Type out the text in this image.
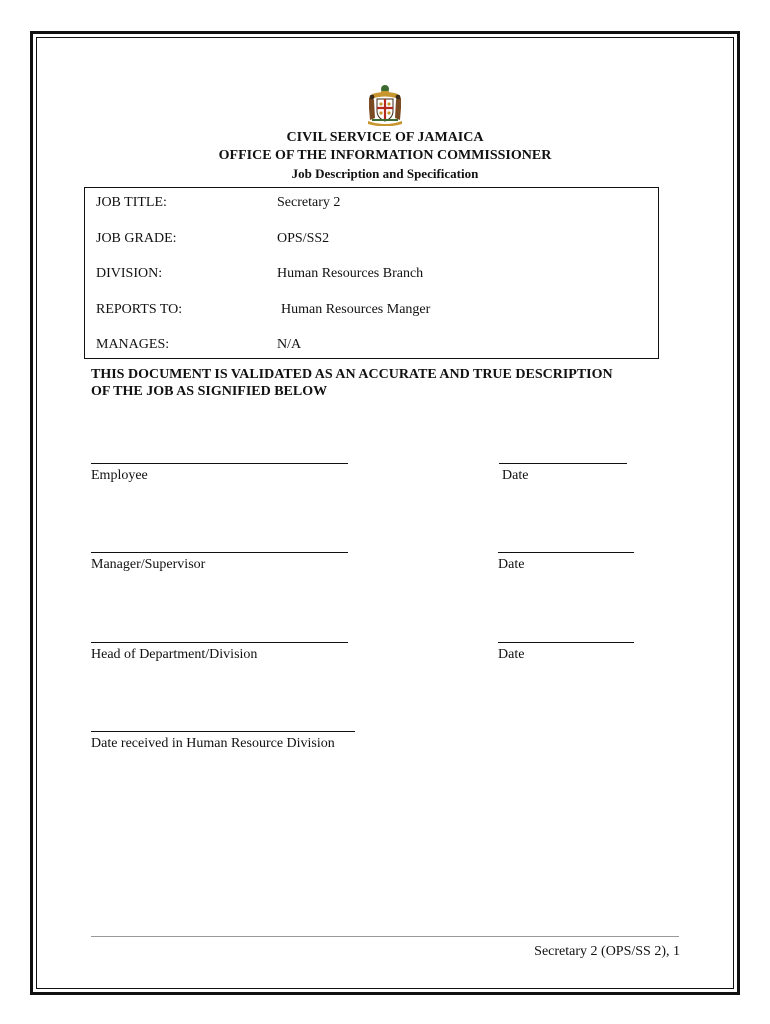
CIVIL SERVICE OF JAMAICA
OFFICE OF THE INFORMATION COMMISSIONER
Job Description and Specification
JOB TITLE:	Secretary 2
JOB GRADE:	OPS/SS2
DIVISION:	Human Resources Branch
REPORTS TO:	Human Resources Manger
MANAGES:	N/A
THIS DOCUMENT IS VALIDATED AS AN ACCURATE AND TRUE DESCRIPTION
OF THE JOB AS SIGNIFIED BELOW
Employee	Date
Manager/Supervisor	Date
Head of Department/Division	Date
Date received in Human Resource Division
Secretary 2 (OPS/SS 2), 1
